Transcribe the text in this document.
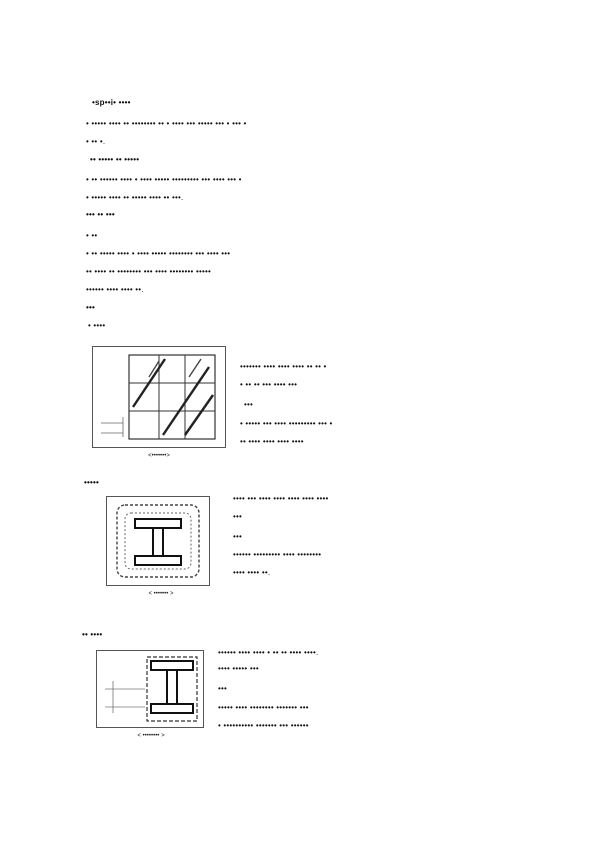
•sp••i• ••••
• ••••• •••• •• •••••••• •• • •••• ••• ••••• ••• • ••• •
• •• •.
•• ••••• •• •••••
• •• •••••• •••• • •••• ••••• ••••••••• ••• •••• ••• •
• ••••• •••• •• ••••• •••• •• •••.
••• •• •••
• ••
• •• ••••• •••• • •••• ••••• •••••••• ••• •••• •••
•• •••• •• •••••••• ••• •••• •••••••• •••••
•••••• •••• •••• ••.
•••
• ••••
<•••••••>
••••••• •••• •••• •••• •• •• •
• •• •• ••• •••• •••
•••
• ••••• ••• •••• ••••••••• ••• •
•• •••• •••• •••• ••••
•••••
< ••••••• >
•••• ••• •••• •••• •••• •••• ••••
•••
•••
•••••• ••••••••• •••• ••••••••
•••• •••• ••.
•• ••••
< •••••••• >
•••••• •••• •••• • •• •• •••• ••••.
•••• ••••• •••
•••
••••• •••• •••••••• ••••••• •••
• •••••••••• ••••••• ••• ••••••
